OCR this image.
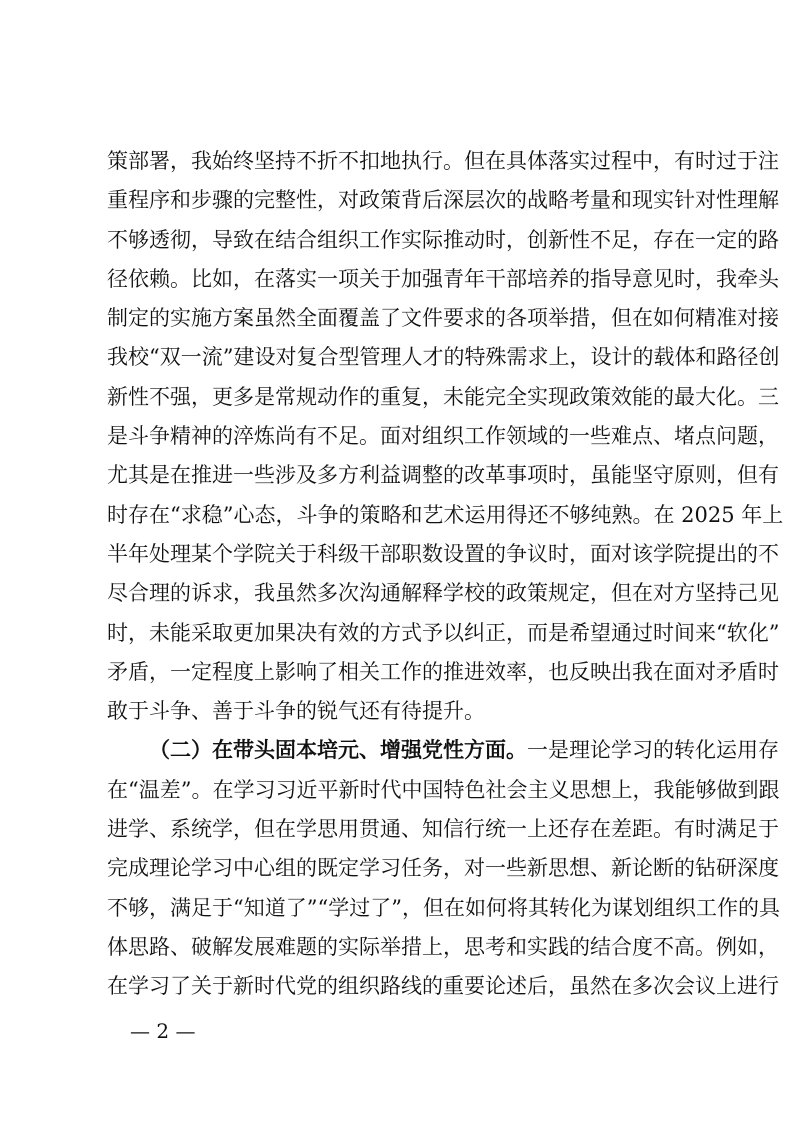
策部署，我始终坚持不折不扣地执行。但在具体落实过程中，有时过于注
重程序和步骤的完整性，对政策背后深层次的战略考量和现实针对性理解
不够透彻，导致在结合组织工作实际推动时，创新性不足，存在一定的路
径依赖。比如，在落实一项关于加强青年干部培养的指导意见时，我牵头
制定的实施方案虽然全面覆盖了文件要求的各项举措，但在如何精准对接
我校“双一流”建设对复合型管理人才的特殊需求上，设计的载体和路径创
新性不强，更多是常规动作的重复，未能完全实现政策效能的最大化。三
是斗争精神的淬炼尚有不足。面对组织工作领域的一些难点、堵点问题，
尤其是在推进一些涉及多方利益调整的改革事项时，虽能坚守原则，但有
时存在“求稳”心态，斗争的策略和艺术运用得还不够纯熟。在 2025 年上
半年处理某个学院关于科级干部职数设置的争议时，面对该学院提出的不
尽合理的诉求，我虽然多次沟通解释学校的政策规定，但在对方坚持己见
时，未能采取更加果决有效的方式予以纠正，而是希望通过时间来“软化”
矛盾，一定程度上影响了相关工作的推进效率，也反映出我在面对矛盾时
敢于斗争、善于斗争的锐气还有待提升。
（二）在带头固本培元、增强党性方面。一是理论学习的转化运用存
在“温差”。在学习习近平新时代中国特色社会主义思想上，我能够做到跟
进学、系统学，但在学思用贯通、知信行统一上还存在差距。有时满足于
完成理论学习中心组的既定学习任务，对一些新思想、新论断的钻研深度
不够，满足于“知道了”“学过了”，但在如何将其转化为谋划组织工作的具
体思路、破解发展难题的实际举措上，思考和实践的结合度不高。例如，
在学习了关于新时代党的组织路线的重要论述后，虽然在多次会议上进行
— 2 —
